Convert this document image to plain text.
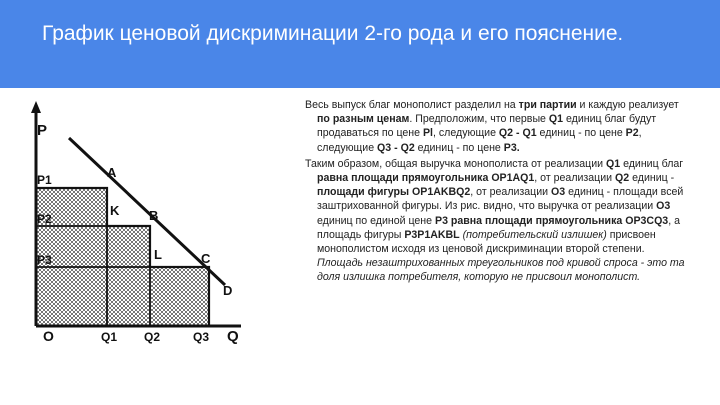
График ценовой дискриминации 2-го рода и его пояснение.
P
Q
O
P1
P2
P3
Q1 Q2	Q3
A
B
C
D
K
L

Весь выпуск благ монополист разделил на три партии и каждую реализует по разным ценам. Предположим, что первые Q1 единиц благ будут продаваться по цене Pl, следующие Q2 - Q1 единиц - по цене P2, следующие Q3 - Q2 единиц - по цене P3.

Таким образом, общая выручка монополиста от реализации Q1 единиц благ равна площади прямоугольника OP1AQ1, от реализации Q2 единиц - площади фигуры OP1AKBQ2, от реализации О3 единиц - площади всей заштрихованной фигуры. Из рис. видно, что выручка от реализации О3 единиц по единой цене Р3 равна площади прямоугольника OP3CQ3, а площадь фигуры P3P1AKBL (потребительский излишек) присвоен монополистом исходя из ценовой дискриминации второй степени. Площадь незаштрихованных треугольников под кривой спроса - это та доля излишка потребителя, которую не присвоил монополист.
